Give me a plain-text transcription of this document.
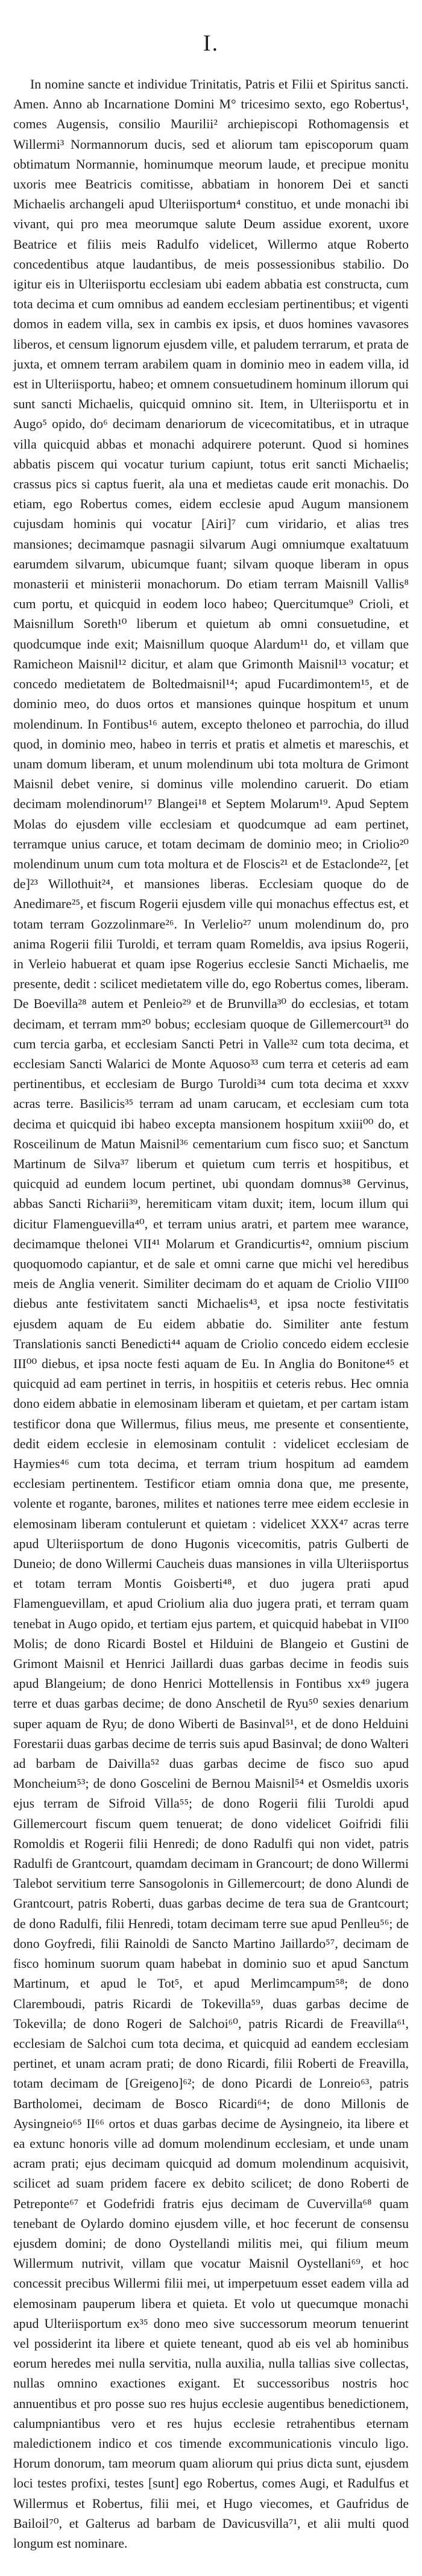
I.

In nomine sancte et individue Trinitatis, Patris et Filii et Spiritus sancti. Amen. Anno ab Incarnatione Domini M° tricesimo sexto, ego Robertus¹, comes Augensis, consilio Maurilii² archiepiscopi Rothomagensis et Willermi³ Normannorum ducis, sed et aliorum tam episcoporum quam obtimatum Normannie, hominumque meorum laude, et precipue monitu uxoris mee Beatricis comitisse, abbatiam in honorem Dei et sancti Michaelis archangeli apud Ulteriisportum⁴ constituo, et unde monachi ibi vivant, qui pro mea meorumque salute Deum assidue exorent, uxore Beatrice et filiis meis Radulfo videlicet, Willermo atque Roberto concedentibus atque laudantibus, de meis possessionibus stabilio. Do igitur eis in Ulteriisportu ecclesiam ubi eadem abbatia est constructa, cum tota decima et cum omnibus ad eandem ecclesiam pertinentibus; et vigenti domos in eadem villa, sex in cambis ex ipsis, et duos homines vavasores liberos, et censum lignorum ejusdem ville, et paludem terrarum, et prata de juxta, et omnem terram arabilem quam in dominio meo in eadem villa, id est in Ulteriisportu, habeo; et omnem consuetudinem hominum illorum qui sunt sancti Michaelis, quicquid omnino sit. Item, in Ulteriisportu et in Augo⁵ opido, do⁶ decimam denariorum de vicecomitatibus, et in utraque villa quicquid abbas et monachi adquirere poterunt. Quod si homines abbatis piscem qui vocatur turium capiunt, totus erit sancti Michaelis; crassus pics si captus fuerit, ala una et medietas caude erit monachis. Do etiam, ego Robertus comes, eidem ecclesie apud Augum mansionem cujusdam hominis qui vocatur [Airi]⁷ cum viridario, et alias tres mansiones; decimamque pasnagii silvarum Augi omniumque exaltatuum earumdem silvarum, ubicumque fuant; silvam quoque liberam in opus monasterii et ministerii monachorum. Do etiam terram Maisnill Vallis⁸ cum portu, et quicquid in eodem loco habeo; Quercitumque⁹ Crioli, et Maisnillum Soreth¹⁰ liberum et quietum ab omni consuetudine, et quodcumque inde exit; Maisnillum quoque Alardum¹¹ do, et villam que Ramicheon Maisnil¹² dicitur, et alam que Grimonth Maisnil¹³ vocatur; et concedo medietatem de Boltedmaisnil¹⁴; apud Fucardimontem¹⁵, et de dominio meo, do duos ortos et mansiones quinque hospitum et unum molendinum. In Fontibus¹⁶ autem, excepto theloneo et parrochia, do illud quod, in dominio meo, habeo in terris et pratis et almetis et mareschis, et unam domum liberam, et unum molendinum ubi tota moltura de Grimont Maisnil debet venire, si dominus ville molendino caruerit. Do etiam decimam molendinorum¹⁷ Blangei¹⁸ et Septem Molarum¹⁹. Apud Septem Molas do ejusdem ville ecclesiam et quodcumque ad eam pertinet, terramque unius caruce, et totam decimam de dominio meo; in Criolio²⁰ molendinum unum cum tota moltura et de Floscis²¹ et de Estaclonde²², [et de]²³ Willothuit²⁴, et mansiones liberas. Ecclesiam quoque do de Anedimare²⁵, et fiscum Rogerii ejusdem ville qui monachus effectus est, et totam terram Gozzolinmare²⁶. In Verlelio²⁷ unum molendinum do, pro anima Rogerii filii Turoldi, et terram quam Romeldis, ava ipsius Rogerii, in Verleio habuerat et quam ipse Rogerius ecclesie Sancti Michaelis, me presente, dedit : scilicet medietatem ville do, ego Robertus comes, liberam. De Boevilla²⁸ autem et Penleio²⁹ et de Brunvilla³⁰ do ecclesias, et totam decimam, et terram mm²⁰ bobus; ecclesiam quoque de Gillemercourt³¹ do cum tercia garba, et ecclesiam Sancti Petri in Valle³² cum tota decima, et ecclesiam Sancti Walarici de Monte Aquoso³³ cum terra et ceteris ad eam pertinentibus, et ecclesiam de Burgo Turoldi³⁴ cum tota decima et xxxv acras terre. Basilicis³⁵ terram ad unam carucam, et ecclesiam cum tota decima et quicquid ibi habeo excepta mansionem hospitum xxiii⁰⁰ do, et Rosceilinum de Matun Maisnil³⁶ cementarium cum fisco suo; et Sanctum Martinum de Silva³⁷ liberum et quietum cum terris et hospitibus, et quicquid ad eundem locum pertinet, ubi quondam domnus³⁸ Gervinus, abbas Sancti Richarii³⁹, heremiticam vitam duxit; item, locum illum qui dicitur Flamenguevilla⁴⁰, et terram unius aratri, et partem mee warance, decimamque thelonei VII⁴¹ Molarum et Grandicurtis⁴², omnium piscium quoquomodo capiantur, et de sale et omni carne que michi vel heredibus meis de Anglia venerit. Similiter decimam do et aquam de Criolio VIII⁰⁰ diebus ante festivitatem sancti Michaelis⁴³, et ipsa nocte festivitatis ejusdem aquam de Eu eidem abbatie do. Similiter ante festum Translationis sancti Benedicti⁴⁴ aquam de Criolio concedo eidem ecclesie III⁰⁰ diebus, et ipsa nocte festi aquam de Eu. In Anglia do Bonitone⁴⁵ et quicquid ad eam pertinet in terris, in hospitiis et ceteris rebus. Hec omnia dono eidem abbatie in elemosinam liberam et quietam, et per cartam istam testificor dona que Willermus, filius meus, me presente et consentiente, dedit eidem ecclesie in elemosinam contulit : videlicet ecclesiam de Haymies⁴⁶ cum tota decima, et terram trium hospitum ad eamdem ecclesiam pertinentem. Testificor etiam omnia dona que, me presente, volente et rogante, barones, milites et nationes terre mee eidem ecclesie in elemosinam liberam contulerunt et quietam : videlicet XXX⁴⁷ acras terre apud Ulteriisportum de dono Hugonis vicecomitis, patris Gulberti de Duneio; de dono Willermi Caucheis duas mansiones in villa Ulteriisportus et totam terram Montis Goisberti⁴⁸, et duo jugera prati apud Flamenguevillam, et apud Criolium alia duo jugera prati, et terram quam tenebat in Augo opido, et tertiam ejus partem, et quicquid habebat in VII⁰⁰ Molis; de dono Ricardi Bostel et Hilduini de Blangeio et Gustini de Grimont Maisnil et Henrici Jaillardi duas garbas decime in feodis suis apud Blangeium; de dono Henrici Mottellensis in Fontibus xx⁴⁹ jugera terre et duas garbas decime; de dono Anschetil de Ryu⁵⁰ sexies denarium super aquam de Ryu; de dono Wiberti de Basinval⁵¹, et de dono Helduini Forestarii duas garbas decime de terris suis apud Basinval; de dono Walteri ad barbam de Daivilla⁵² duas garbas decime de fisco suo apud Moncheium⁵³; de dono Goscelini de Bernou Maisnil⁵⁴ et Osmeldis uxoris ejus terram de Sifroid Villa⁵⁵; de dono Rogerii filii Turoldi apud Gillemercourt fiscum quem tenuerat; de dono videlicet Goifridi filii Romoldis et Rogerii filii Henredi; de dono Radulfi qui non videt, patris Radulfi de Grantcourt, quamdam decimam in Grancourt; de dono Willermi Talebot servitium terre Sansogolonis in Gillemercourt; de dono Alundi de Grantcourt, patris Roberti, duas garbas decime de tera sua de Grantcourt; de dono Radulfi, filii Henredi, totam decimam terre sue apud Penlleu⁵⁶; de dono Goyfredi, filii Rainoldi de Sancto Martino Jaillardo⁵⁷, decimam de fisco hominum suorum quam habebat in dominio suo et apud Sanctum Martinum, et apud le Tot⁵, et apud Merlimcampum⁵⁸; de dono Claremboudi, patris Ricardi de Tokevilla⁵⁹, duas garbas decime de Tokevilla; de dono Rogeri de Salchoi⁶⁰, patris Ricardi de Freavilla⁶¹, ecclesiam de Salchoi cum tota decima, et quicquid ad eandem ecclesiam pertinet, et unam acram prati; de dono Ricardi, filii Roberti de Freavilla, totam decimam de [Greigeno]⁶²; de dono Picardi de Lonreio⁶³, patris Bartholomei, decimam de Bosco Ricardi⁶⁴; de dono Millonis de Aysingneio⁶⁵ II⁶⁶ ortos et duas garbas decime de Aysingneio, ita libere et ea extunc honoris ville ad domum molendinum ecclesiam, et unde unam acram prati; ejus decimam quicquid ad domum molendinum acquisivit, scilicet ad suam pridem facere ex debito scilicet; de dono Roberti de Petreponte⁶⁷ et Godefridi fratris ejus decimam de Cuvervilla⁶⁸ quam tenebant de Oylardo domino ejusdem ville, et hoc fecerunt de consensu ejusdem domini; de dono Oystellandi militis mei, qui filium meum Willermum nutrivit, villam que vocatur Maisnil Oystellani⁶⁹, et hoc concessit precibus Willermi filii mei, ut imperpetuum esset eadem villa ad elemosinam pauperum libera et quieta. Et volo ut quecumque monachi apud Ulteriisportum ex³⁵ dono meo sive successorum meorum tenuerint vel possiderint ita libere et quiete teneant, quod ab eis vel ab hominibus eorum heredes mei nulla servitia, nulla auxilia, nulla tallias sive collectas, nullas omnino exactiones exigant. Et successoribus nostris hoc annuentibus et pro posse suo res hujus ecclesie augentibus benedictionem, calumpniantibus vero et res hujus ecclesie retrahentibus eternam maledictionem indico et cos timende excommunicationis vinculo ligo. Horum donorum, tam meorum quam aliorum qui prius dicta sunt, ejusdem loci testes profixi, testes [sunt] ego Robertus, comes Augi, et Radulfus et Willermus et Robertus, filii mei, et Hugo viecomes, et Gaufridus de Bailoil⁷⁰, et Galterus ad barbam de Davicusvilla⁷¹, et alii multi quod longum est nominare.
